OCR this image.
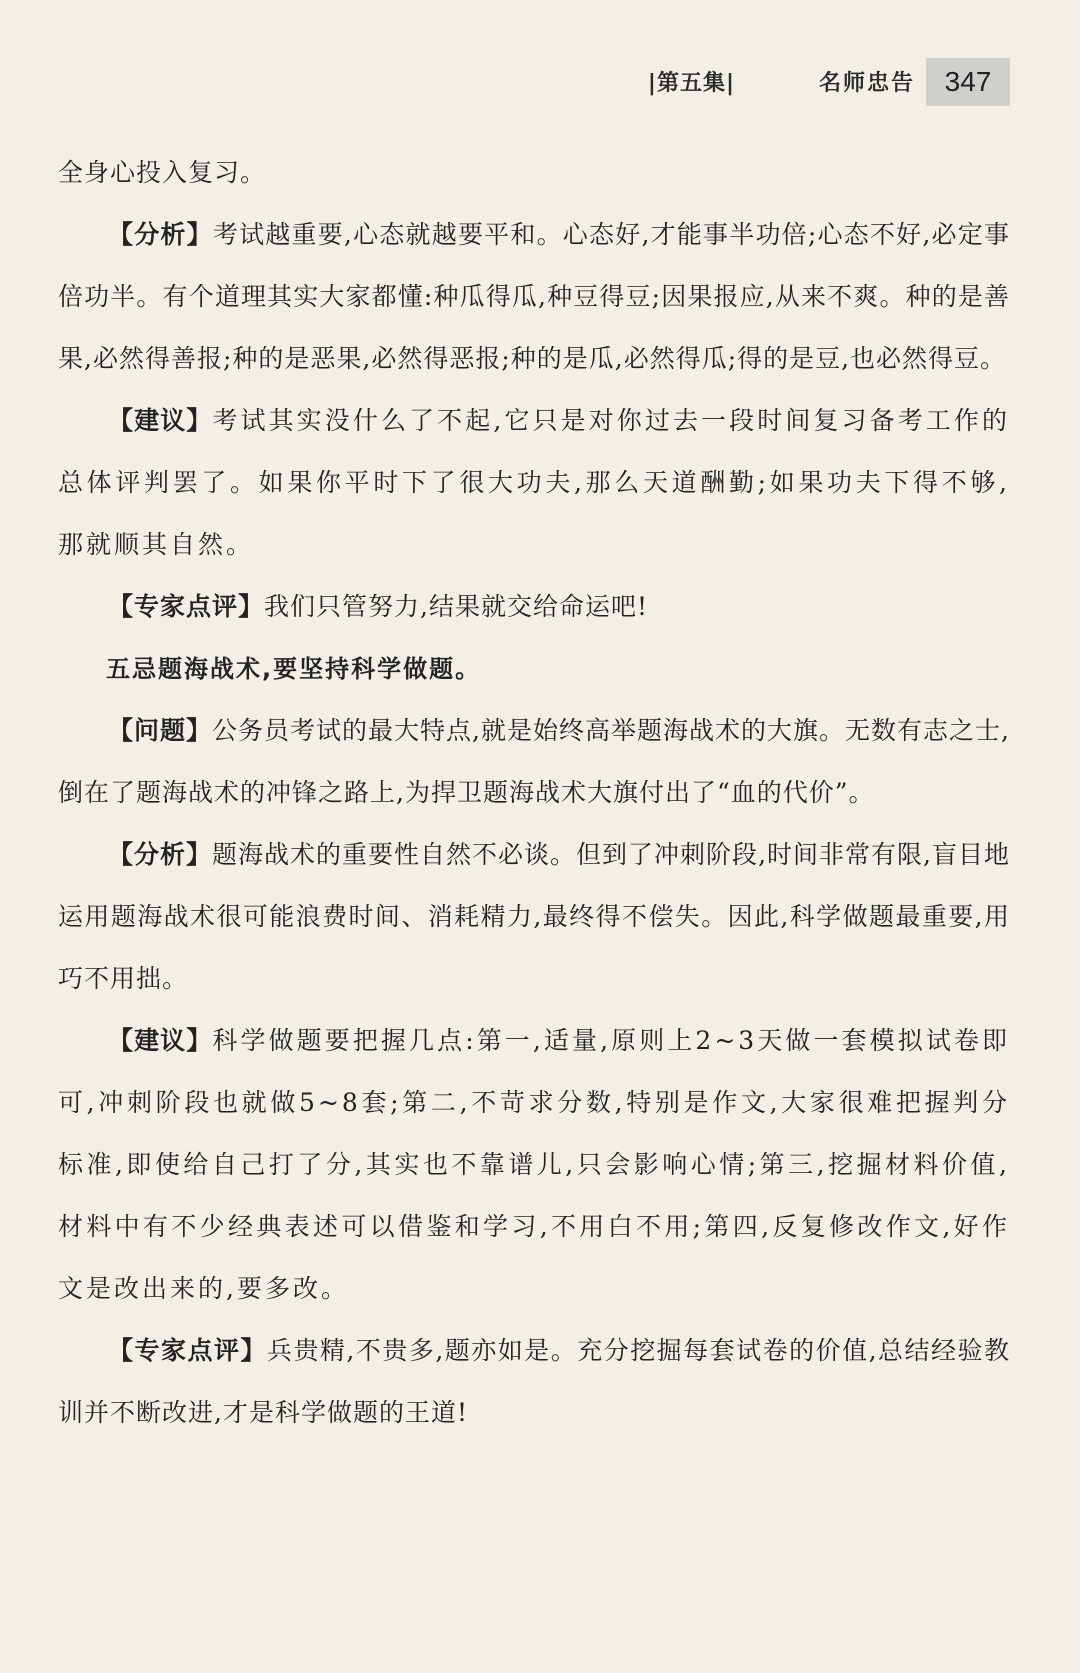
|第五集|	名师忠告 347

全身心投入复习。

【分析】考试越重要,心态就越要平和。心态好,才能事半功倍;心态不好,必定事倍功半。有个道理其实大家都懂:种瓜得瓜,种豆得豆;因果报应,从来不爽。种的是善果,必然得善报;种的是恶果,必然得恶报;种的是瓜,必然得瓜;得的是豆,也必然得豆。

【建议】考试其实没什么了不起,它只是对你过去一段时间复习备考工作的总体评判罢了。如果你平时下了很大功夫,那么天道酬勤;如果功夫下得不够,那就顺其自然。

【专家点评】我们只管努力,结果就交给命运吧!

五忌题海战术,要坚持科学做题。

【问题】公务员考试的最大特点,就是始终高举题海战术的大旗。无数有志之士,倒在了题海战术的冲锋之路上,为捍卫题海战术大旗付出了“血的代价”。

【分析】题海战术的重要性自然不必谈。但到了冲刺阶段,时间非常有限,盲目地运用题海战术很可能浪费时间、消耗精力,最终得不偿失。因此,科学做题最重要,用巧不用拙。

【建议】科学做题要把握几点:第一,适量,原则上2~3天做一套模拟试卷即可,冲刺阶段也就做5~8套;第二,不苛求分数,特别是作文,大家很难把握判分标准,即使给自己打了分,其实也不靠谱儿,只会影响心情;第三,挖掘材料价值,材料中有不少经典表述可以借鉴和学习,不用白不用;第四,反复修改作文,好作文是改出来的,要多改。

【专家点评】兵贵精,不贵多,题亦如是。充分挖掘每套试卷的价值,总结经验教训并不断改进,才是科学做题的王道!
